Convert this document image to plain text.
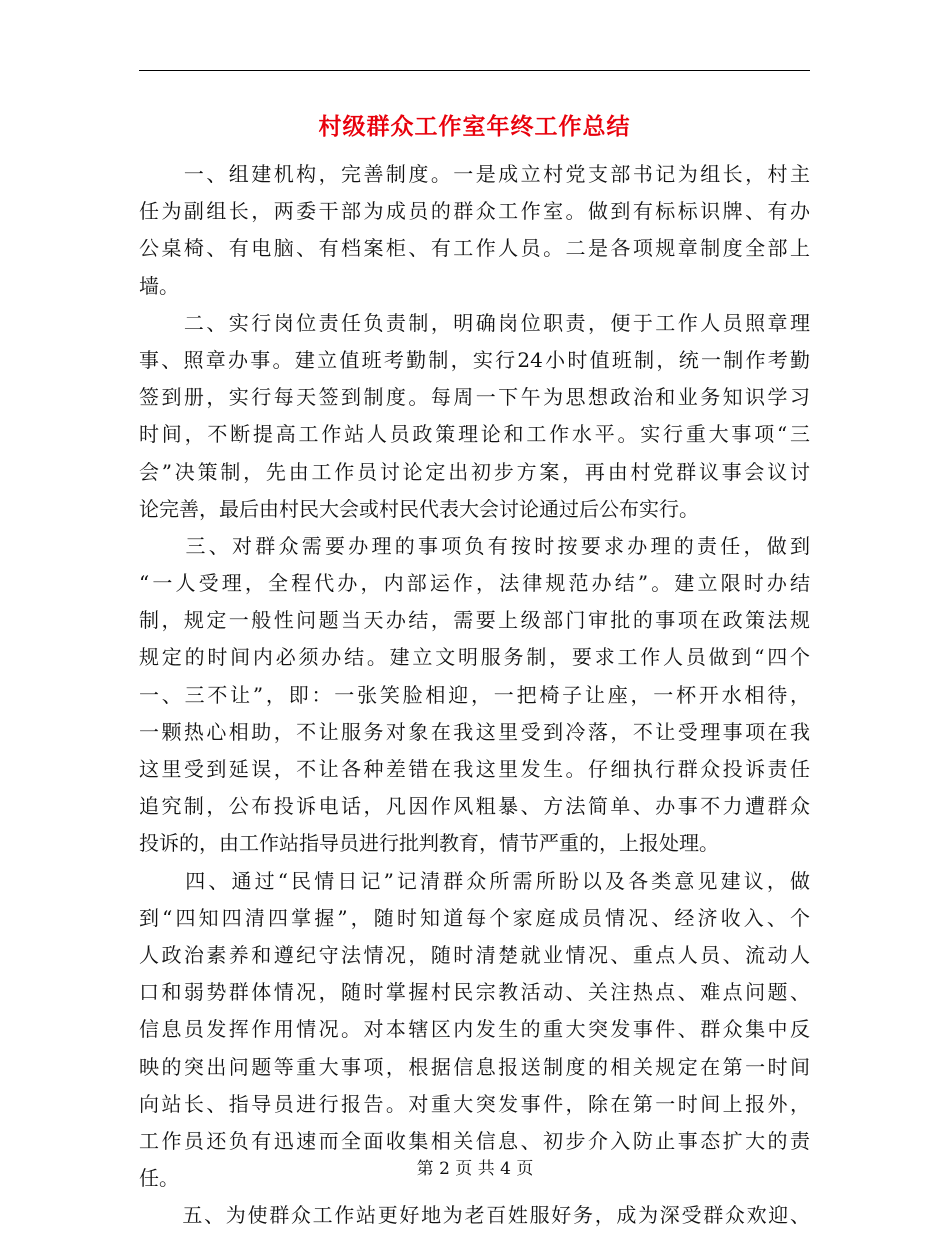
村级群众工作室年终工作总结
　　一、组建机构，完善制度。一是成立村党支部书记为组长，村主
任为副组长，两委干部为成员的群众工作室。做到有标标识牌、有办
公桌椅、有电脑、有档案柜、有工作人员。二是各项规章制度全部上
墙。
　　二、实行岗位责任负责制，明确岗位职责，便于工作人员照章理
事、照章办事。建立值班考勤制，实行24小时值班制，统一制作考勤
签到册，实行每天签到制度。每周一下午为思想政治和业务知识学习
时间，不断提高工作站人员政策理论和工作水平。实行重大事项“三
会”决策制，先由工作员讨论定出初步方案，再由村党群议事会议讨
论完善，最后由村民大会或村民代表大会讨论通过后公布实行。
　　三、对群众需要办理的事项负有按时按要求办理的责任，做到
“一人受理，全程代办，内部运作，法律规范办结”。建立限时办结
制，规定一般性问题当天办结，需要上级部门审批的事项在政策法规
规定的时间内必须办结。建立文明服务制，要求工作人员做到“四个
一、三不让”，即：一张笑脸相迎，一把椅子让座，一杯开水相待，
一颗热心相助，不让服务对象在我这里受到冷落，不让受理事项在我
这里受到延误，不让各种差错在我这里发生。仔细执行群众投诉责任
追究制，公布投诉电话，凡因作风粗暴、方法简单、办事不力遭群众
投诉的，由工作站指导员进行批判教育，情节严重的，上报处理。
　　四、通过“民情日记”记清群众所需所盼以及各类意见建议，做
到“四知四清四掌握”，随时知道每个家庭成员情况、经济收入、个
人政治素养和遵纪守法情况，随时清楚就业情况、重点人员、流动人
口和弱势群体情况，随时掌握村民宗教活动、关注热点、难点问题、
信息员发挥作用情况。对本辖区内发生的重大突发事件、群众集中反
映的突出问题等重大事项，根据信息报送制度的相关规定在第一时间
向站长、指导员进行报告。对重大突发事件，除在第一时间上报外，
工作员还负有迅速而全面收集相关信息、初步介入防止事态扩大的责
任。
　　五、为使群众工作站更好地为老百姓服好务，成为深受群众欢迎、
第 2 页 共 4 页
